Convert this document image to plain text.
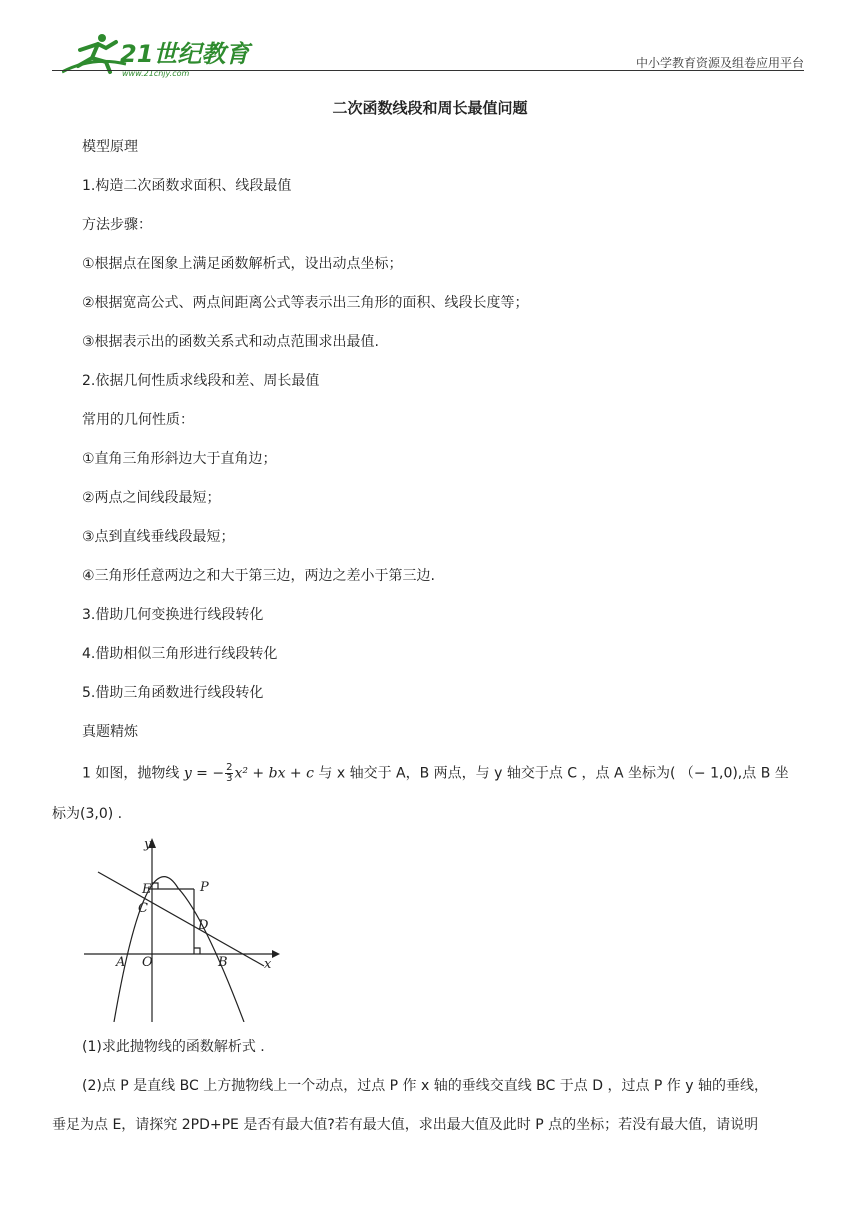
21世纪教育
www.21cnjy.com
中小学教育资源及组卷应用平台
二次函数线段和周长最值问题
模型原理
1.构造二次函数求面积、线段最值
方法步骤：
①根据点在图象上满足函数解析式，设出动点坐标；
②根据宽高公式、两点间距离公式等表示出三角形的面积、线段长度等；
③根据表示出的函数关系式和动点范围求出最值.
2.依据几何性质求线段和差、周长最值
常用的几何性质：
①直角三角形斜边大于直角边；
②两点之间线段最短；
③点到直线垂线段最短；
④三角形任意两边之和大于第三边，两边之差小于第三边.
3.借助几何变换进行线段转化
4.借助相似三角形进行线段转化
5.借助三角函数进行线段转化
真题精炼
1 如图，抛物线 y = − $\frac{2}{3} x^2$ + bx + c 与 x 轴交于 A，B 两点，与 y 轴交于点 C ，点 A 坐标为( （− 1,0),点 B 坐
标为(3,0) .
y
x
E	P
C
D
A O	B
(1)求此抛物线的函数解析式 .
(2)点 P 是直线 BC 上方抛物线上一个动点，过点 P 作 x 轴的垂线交直线 BC 于点 D ，过点 P 作 y 轴的垂线，
垂足为点 E，请探究 2PD+PE 是否有最大值?若有最大值，求出最大值及此时 P 点的坐标；若没有最大值，请说明
